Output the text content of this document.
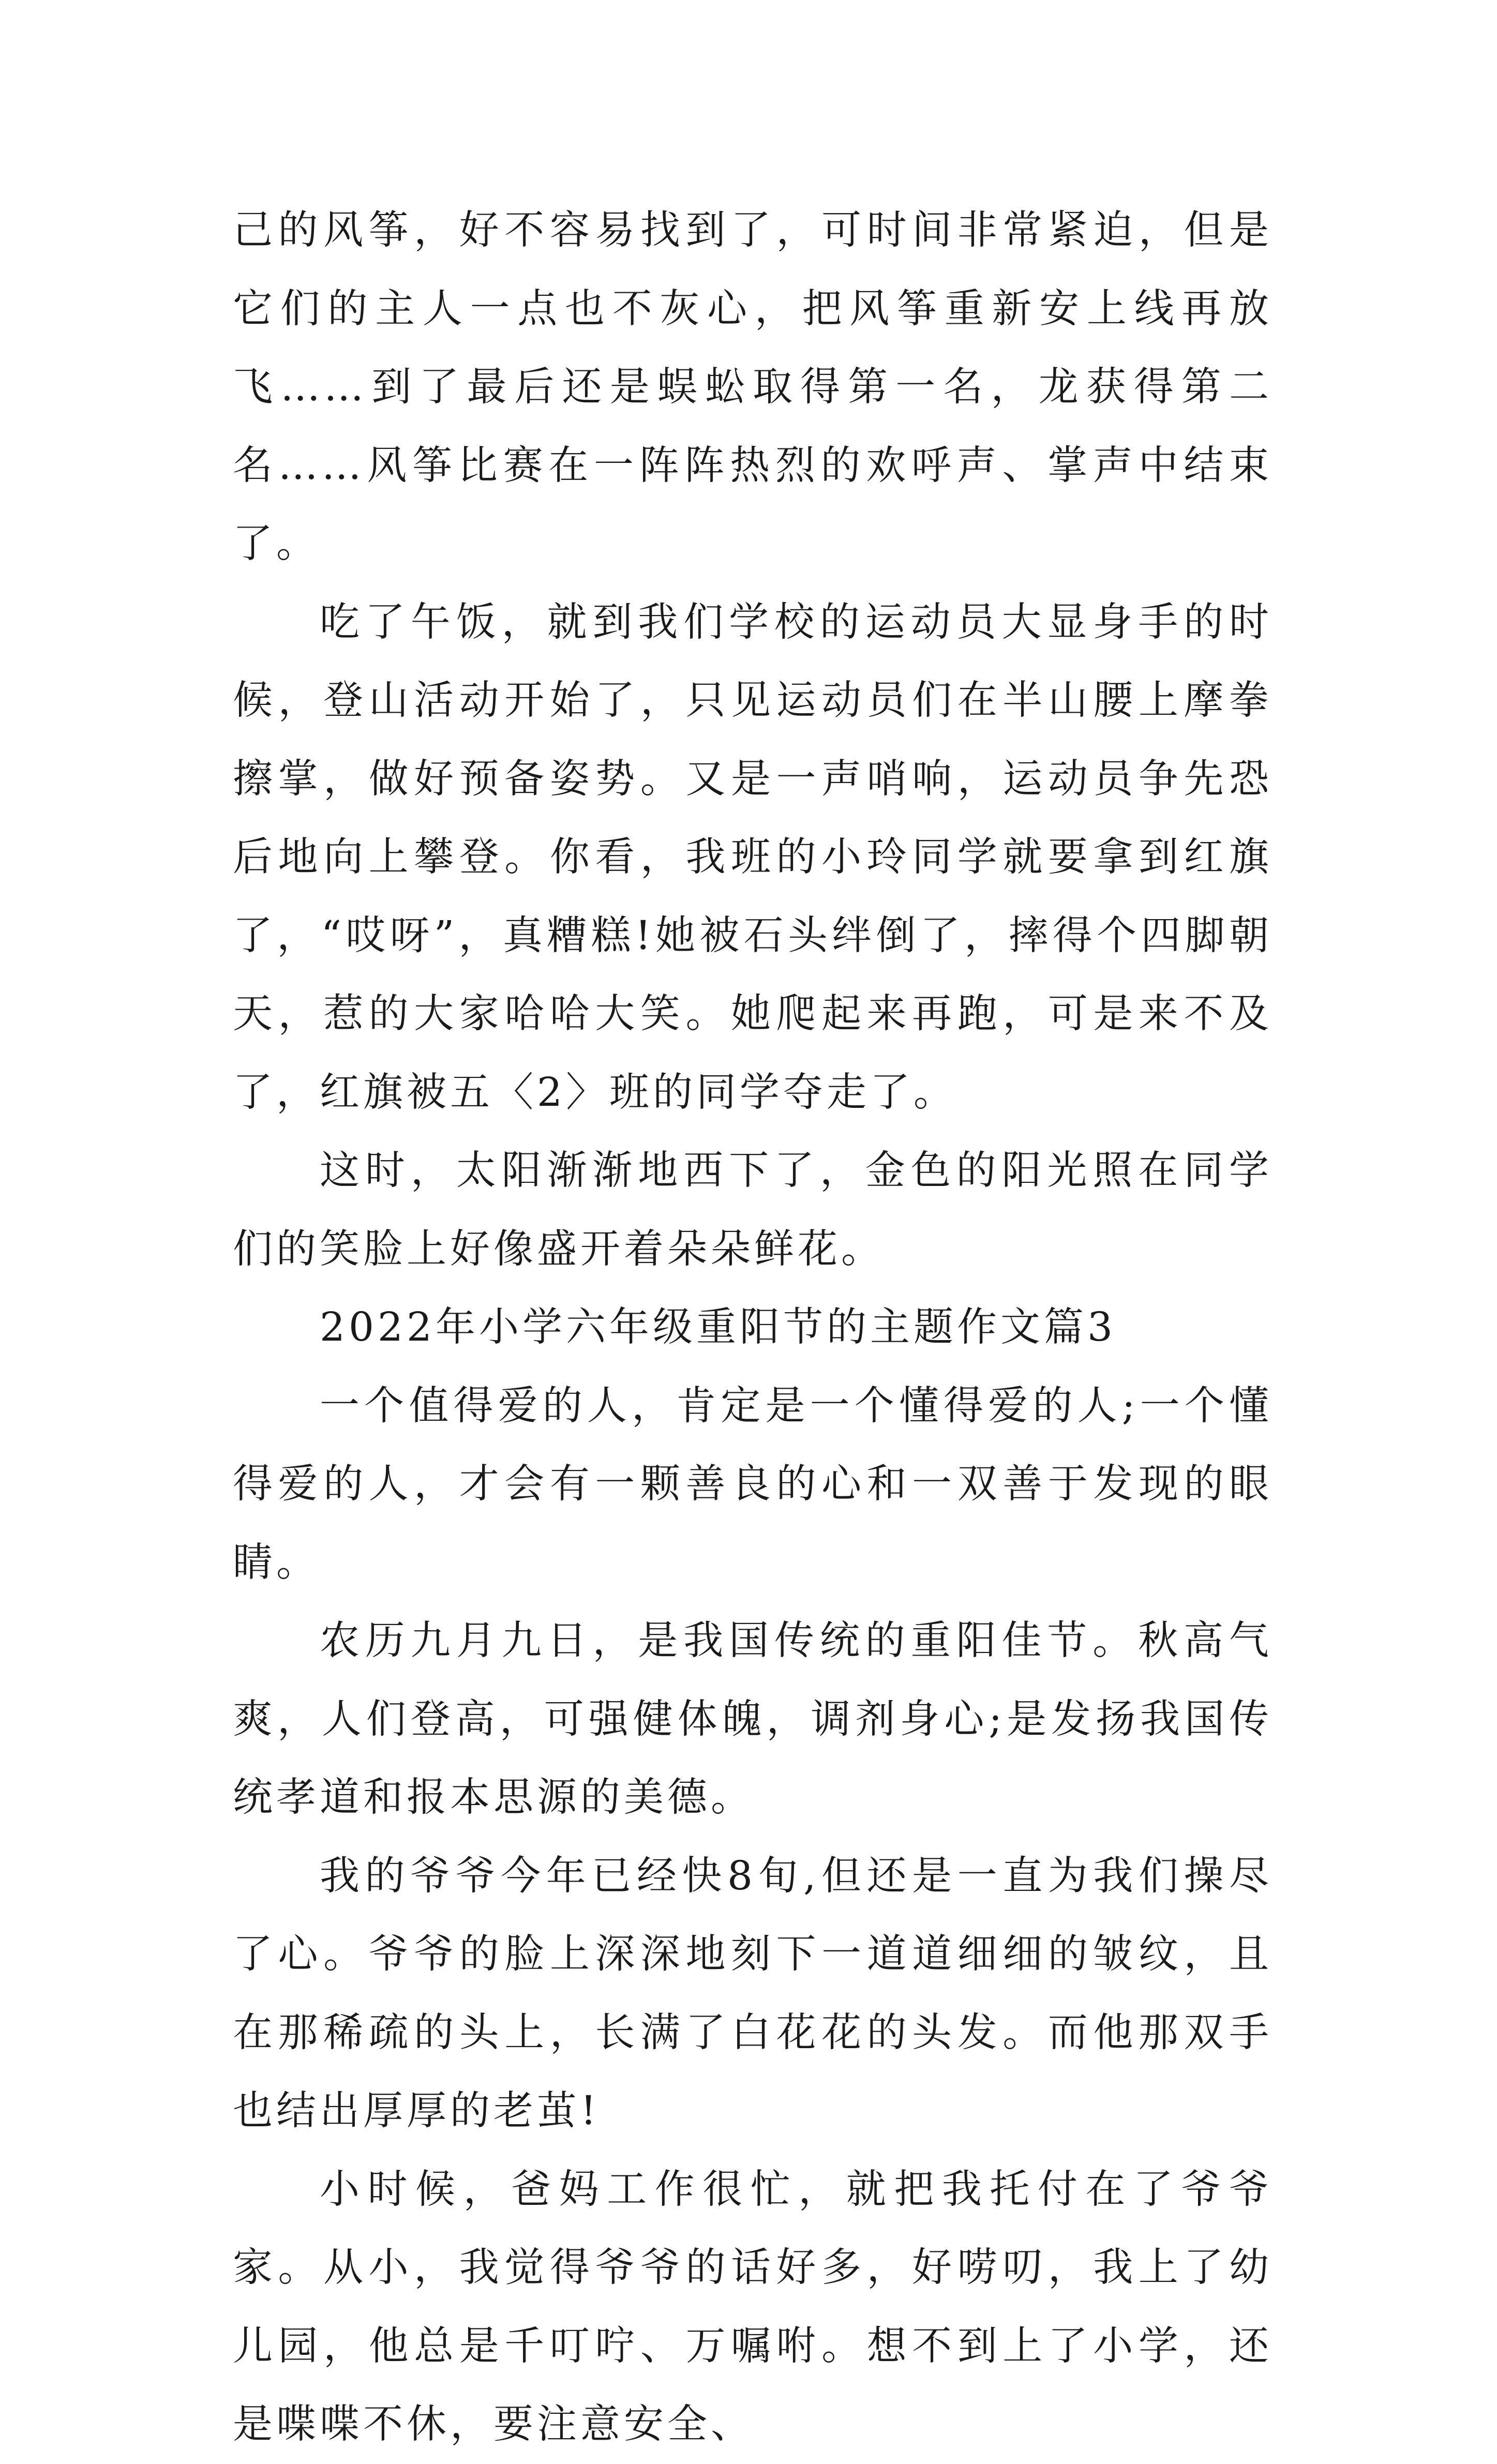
己的风筝，好不容易找到了，可时间非常紧迫，但是它们的主人一点也不灰心，把风筝重新安上线再放飞……到了最后还是蜈蚣取得第一名，龙获得第二名……风筝比赛在一阵阵热烈的欢呼声、掌声中结束了。

吃了午饭，就到我们学校的运动员大显身手的时候，登山活动开始了，只见运动员们在半山腰上摩拳擦掌，做好预备姿势。又是一声哨响，运动员争先恐后地向上攀登。你看，我班的小玲同学就要拿到红旗了，“哎呀”，真糟糕!她被石头绊倒了，摔得个四脚朝天，惹的大家哈哈大笑。她爬起来再跑，可是来不及了，红旗被五〈2〉班的同学夺走了。

这时，太阳渐渐地西下了，金色的阳光照在同学们的笑脸上好像盛开着朵朵鲜花。

2022年小学六年级重阳节的主题作文篇3

一个值得爱的人，肯定是一个懂得爱的人;一个懂得爱的人，才会有一颗善良的心和一双善于发现的眼睛。

农历九月九日，是我国传统的重阳佳节。秋高气爽，人们登高，可强健体魄，调剂身心;是发扬我国传统孝道和报本思源的美德。

我的爷爷今年已经快8旬,但还是一直为我们操尽了心。爷爷的脸上深深地刻下一道道细细的皱纹，且在那稀疏的头上，长满了白花花的头发。而他那双手也结出厚厚的老茧!

小时候，爸妈工作很忙，就把我托付在了爷爷家。从小，我觉得爷爷的话好多，好唠叨，我上了幼儿园，他总是千叮咛、万嘱咐。想不到上了小学，还是喋喋不休，要注意安全、
